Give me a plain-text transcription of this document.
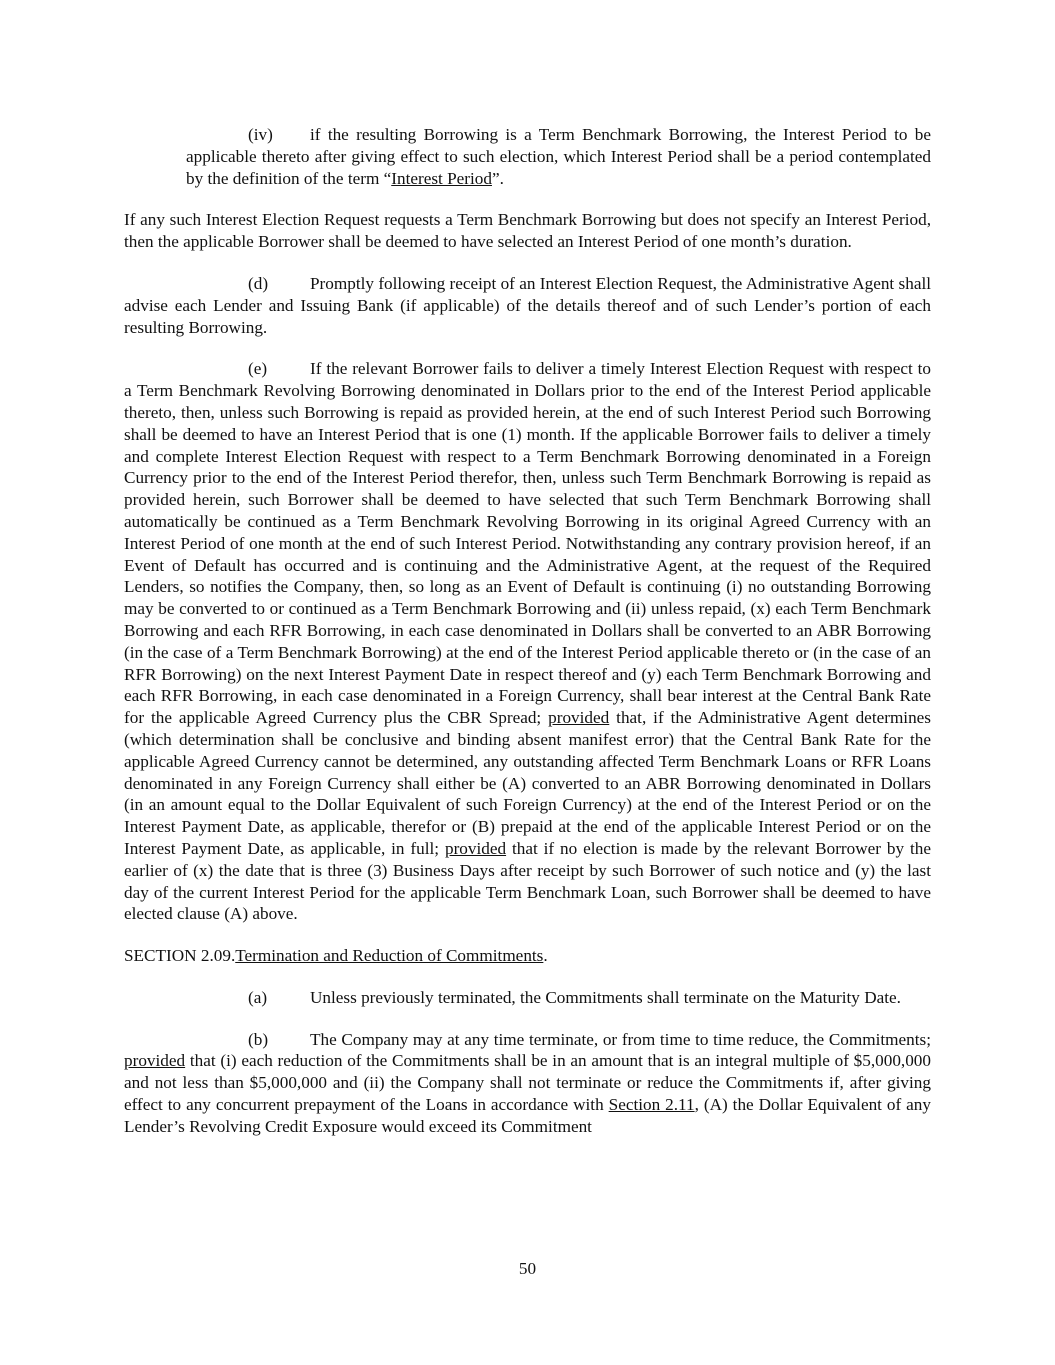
(iv) if the resulting Borrowing is a Term Benchmark Borrowing, the Interest Period to be applicable thereto after giving effect to such election, which Interest Period shall be a period contemplated by the definition of the term “Interest Period”.

If any such Interest Election Request requests a Term Benchmark Borrowing but does not specify an Interest Period, then the applicable Borrower shall be deemed to have selected an Interest Period of one month’s duration.

(d) Promptly following receipt of an Interest Election Request, the Administrative Agent shall advise each Lender and Issuing Bank (if applicable) of the details thereof and of such Lender’s portion of each resulting Borrowing.

(e) If the relevant Borrower fails to deliver a timely Interest Election Request with respect to a Term Benchmark Revolving Borrowing denominated in Dollars prior to the end of the Interest Period applicable thereto, then, unless such Borrowing is repaid as provided herein, at the end of such Interest Period such Borrowing shall be deemed to have an Interest Period that is one (1) month. If the applicable Borrower fails to deliver a timely and complete Interest Election Request with respect to a Term Benchmark Borrowing denominated in a Foreign Currency prior to the end of the Interest Period therefor, then, unless such Term Benchmark Borrowing is repaid as provided herein, such Borrower shall be deemed to have selected that such Term Benchmark Borrowing shall automatically be continued as a Term Benchmark Revolving Borrowing in its original Agreed Currency with an Interest Period of one month at the end of such Interest Period. Notwithstanding any contrary provision hereof, if an Event of Default has occurred and is continuing and the Administrative Agent, at the request of the Required Lenders, so notifies the Company, then, so long as an Event of Default is continuing (i) no outstanding Borrowing may be converted to or continued as a Term Benchmark Borrowing and (ii) unless repaid, (x) each Term Benchmark Borrowing and each RFR Borrowing, in each case denominated in Dollars shall be converted to an ABR Borrowing (in the case of a Term Benchmark Borrowing) at the end of the Interest Period applicable thereto or (in the case of an RFR Borrowing) on the next Interest Payment Date in respect thereof and (y) each Term Benchmark Borrowing and each RFR Borrowing, in each case denominated in a Foreign Currency, shall bear interest at the Central Bank Rate for the applicable Agreed Currency plus the CBR Spread; provided that, if the Administrative Agent determines (which determination shall be conclusive and binding absent manifest error) that the Central Bank Rate for the applicable Agreed Currency cannot be determined, any outstanding affected Term Benchmark Loans or RFR Loans denominated in any Foreign Currency shall either be (A) converted to an ABR Borrowing denominated in Dollars (in an amount equal to the Dollar Equivalent of such Foreign Currency) at the end of the Interest Period or on the Interest Payment Date, as applicable, therefor or (B) prepaid at the end of the applicable Interest Period or on the Interest Payment Date, as applicable, in full; provided that if no election is made by the relevant Borrower by the earlier of (x) the date that is three (3) Business Days after receipt by such Borrower of such notice and (y) the last day of the current Interest Period for the applicable Term Benchmark Loan, such Borrower shall be deemed to have elected clause (A) above.

SECTION 2.09.Termination and Reduction of Commitments.

(a) Unless previously terminated, the Commitments shall terminate on the Maturity Date.

(b) The Company may at any time terminate, or from time to time reduce, the Commitments; provided that (i) each reduction of the Commitments shall be in an amount that is an integral multiple of $5,000,000 and not less than $5,000,000 and (ii) the Company shall not terminate or reduce the Commitments if, after giving effect to any concurrent prepayment of the Loans in accordance with Section 2.11, (A) the Dollar Equivalent of any Lender’s Revolving Credit Exposure would exceed its Commitment

50
